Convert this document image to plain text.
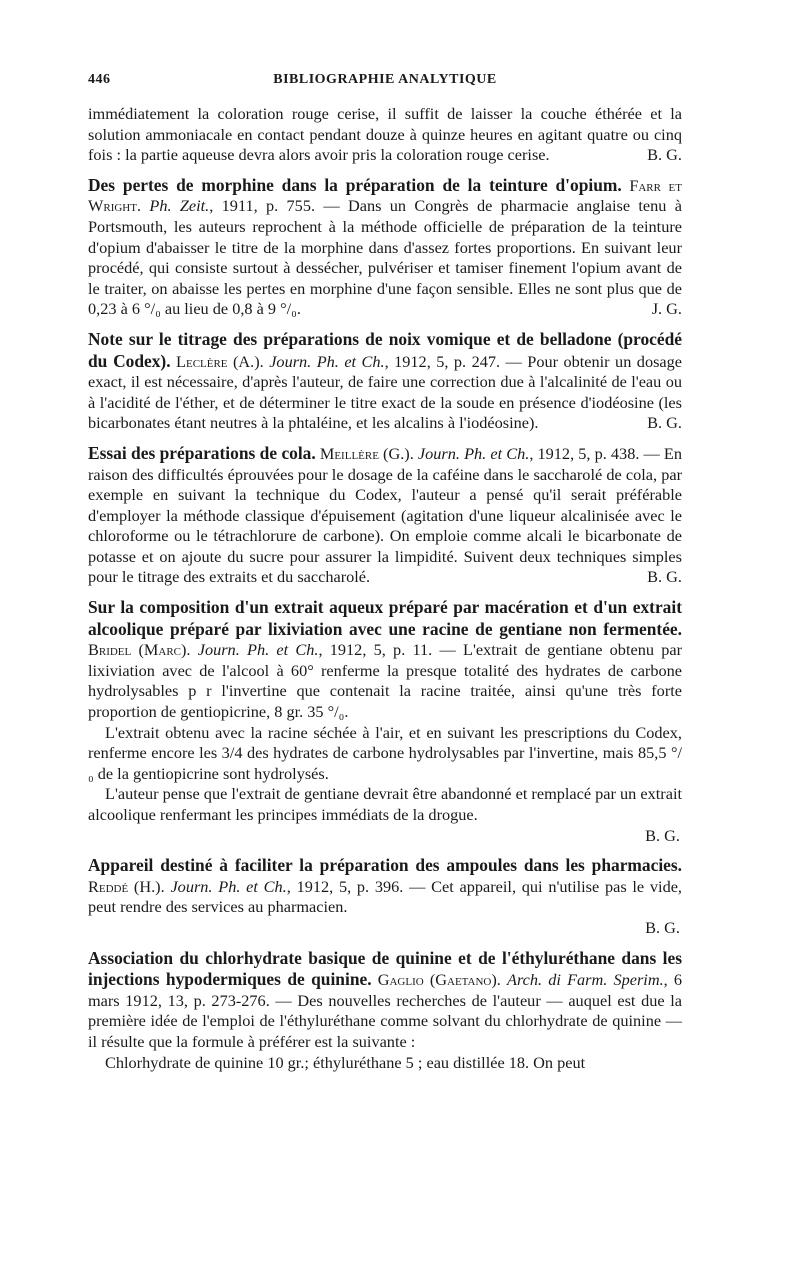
446	BIBLIOGRAPHIE ANALYTIQUE

immédiatement la coloration rouge cerise, il suffit de laisser la couche éthérée et la solution ammoniacale en contact pendant douze à quinze heures en agitant quatre ou cinq fois : la partie aqueuse devra alors avoir pris la coloration rouge cerise.	B. G.

Des pertes de morphine dans la préparation de la teinture d'opium. Farr et Wright. Ph. Zeit., 1911, p. 755. — Dans un Congrès de pharmacie anglaise tenu à Portsmouth, les auteurs reprochent à la méthode officielle de préparation de la teinture d'opium d'abaisser le titre de la morphine dans d'assez fortes proportions. En suivant leur procédé, qui consiste surtout à dessécher, pulvériser et tamiser finement l'opium avant de le traiter, on abaisse les pertes en morphine d'une façon sensible. Elles ne sont plus que de 0,23 à 6 °/₀ au lieu de 0,8 à 9 °/₀.	J. G.

Note sur le titrage des préparations de noix vomique et de belladone (procédé du Codex). Leclère (A.). Journ. Ph. et Ch., 1912, 5, p. 247. — Pour obtenir un dosage exact, il est nécessaire, d'après l'auteur, de faire une correction due à l'alcalinité de l'eau ou à l'acidité de l'éther, et de déterminer le titre exact de la soude en présence d'iodéosine (les bicarbonates étant neutres à la phtaléine, et les alcalins à l'iodéosine).	B. G.

Essai des préparations de cola. Meillère (G.). Journ. Ph. et Ch., 1912, 5, p. 438. — En raison des difficultés éprouvées pour le dosage de la caféine dans le saccharolé de cola, par exemple en suivant la technique du Codex, l'auteur a pensé qu'il serait préférable d'employer la méthode classique d'épuisement (agitation d'une liqueur alcalinisée avec le chloroforme ou le tétrachlorure de carbone). On emploie comme alcali le bicarbonate de potasse et on ajoute du sucre pour assurer la limpidité. Suivent deux techniques simples pour le titrage des extraits et du saccharolé.	B. G.

Sur la composition d'un extrait aqueux préparé par macération et d'un extrait alcoolique préparé par lixiviation avec une racine de gentiane non fermentée. Bridel (Marc). Journ. Ph. et Ch., 1912, 5, p. 11. — L'extrait de gentiane obtenu par lixiviation avec de l'alcool à 60° renferme la presque totalité des hydrates de carbone hydrolysables p r l'invertine que contenait la racine traitée, ainsi qu'une très forte proportion de gentiopicrine, 8 gr. 35 °/₀.

L'extrait obtenu avec la racine séchée à l'air, et en suivant les prescriptions du Codex, renferme encore les 3/4 des hydrates de carbone hydrolysables par l'invertine, mais 85,5 °/₀ de la gentiopicrine sont hydrolysés.

L'auteur pense que l'extrait de gentiane devrait être abandonné et remplacé par un extrait alcoolique renfermant les principes immédiats de la drogue.

B. G.

Appareil destiné à faciliter la préparation des ampoules dans les pharmacies. Reddé (H.). Journ. Ph. et Ch., 1912, 5, p. 396. — Cet appareil, qui n'utilise pas le vide, peut rendre des services au pharmacien.

B. G.

Association du chlorhydrate basique de quinine et de l'éthyluréthane dans les injections hypodermiques de quinine. Gaglio (Gaetano). Arch. di Farm. Sperim., 6 mars 1912, 13, p. 273-276. — Des nouvelles recherches de l'auteur — auquel est due la première idée de l'emploi de l'éthyluréthane comme solvant du chlorhydrate de quinine — il résulte que la formule à préférer est la suivante :

Chlorhydrate de quinine 10 gr.; éthyluréthane 5 ; eau distillée 18. On peut
